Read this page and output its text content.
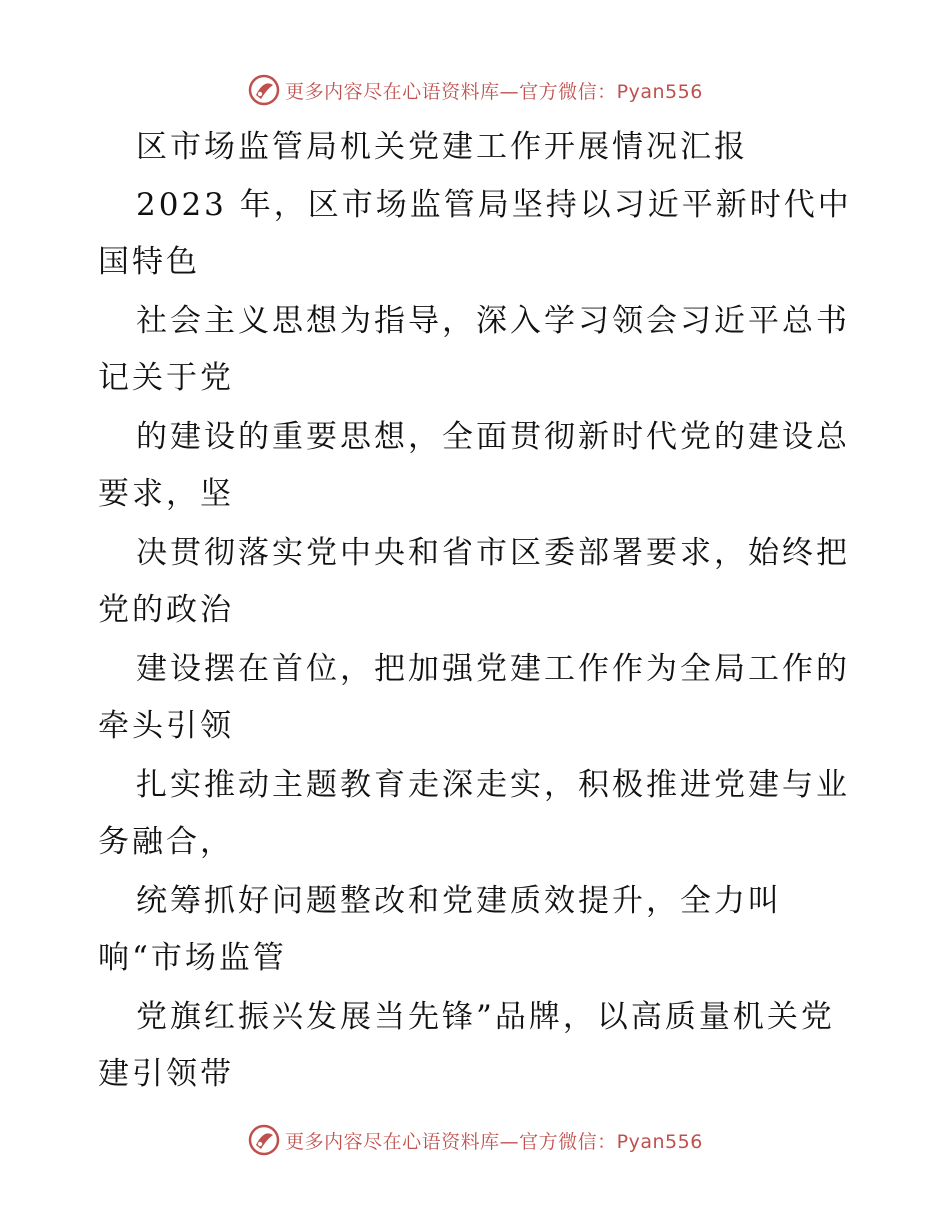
更多内容尽在心语资料库—官方微信：Pyan556
区市场监管局机关党建工作开展情况汇报
2023 年，区市场监管局坚持以习近平新时代中
国特色
社会主义思想为指导，深入学习领会习近平总书
记关于党
的建设的重要思想，全面贯彻新时代党的建设总
要求，坚
决贯彻落实党中央和省市区委部署要求，始终把
党的政治
建设摆在首位，把加强党建工作作为全局工作的
牵头引领
扎实推动主题教育走深走实，积极推进党建与业
务融合，
统筹抓好问题整改和党建质效提升，全力叫
响“市场监管
党旗红振兴发展当先锋”品牌，以高质量机关党
建引领带
更多内容尽在心语资料库—官方微信：Pyan556
